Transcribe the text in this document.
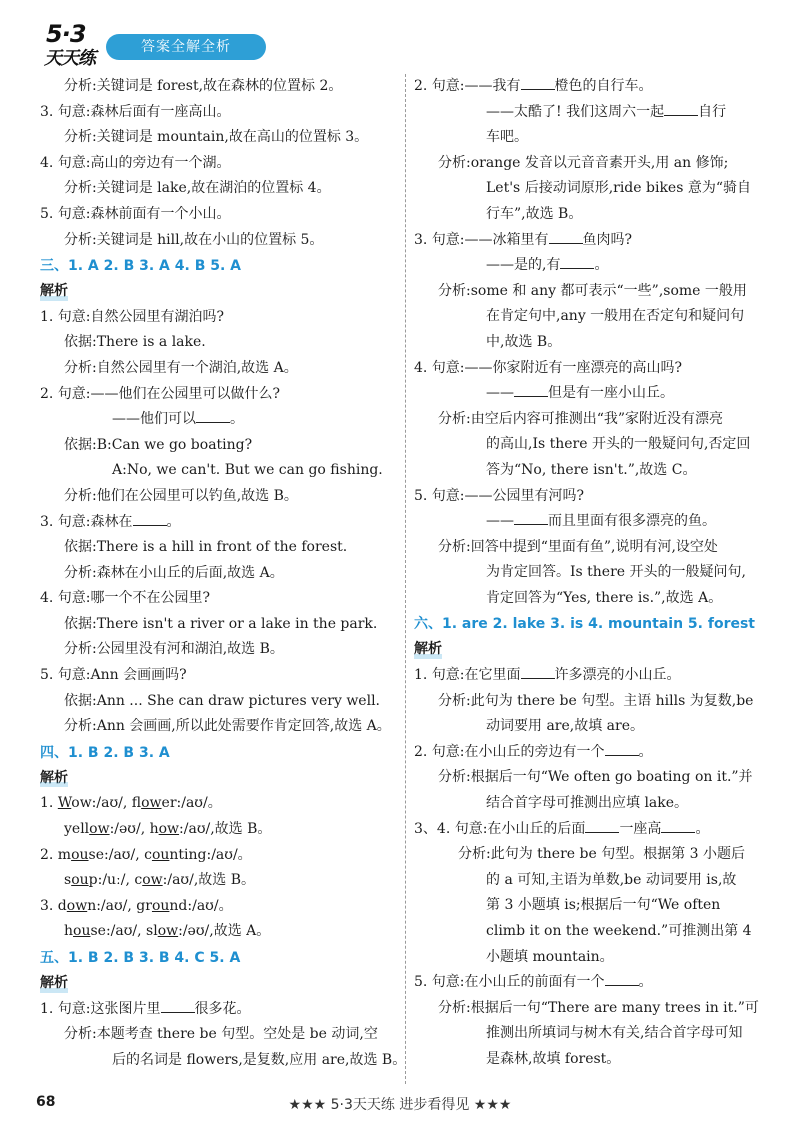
5·3
天天练
答案全解全析
分析:关键词是 forest,故在森林的位置标 2。
3. 句意:森林后面有一座高山。
分析:关键词是 mountain,故在高山的位置标 3。
4. 句意:高山的旁边有一个湖。
分析:关键词是 lake,故在湖泊的位置标 4。
5. 句意:森林前面有一个小山。
分析:关键词是 hill,故在小山的位置标 5。
三、1. A 2. B 3. A 4. B 5. A
解析
1. 句意:自然公园里有湖泊吗?
依据:There is a lake.
分析:自然公园里有一个湖泊,故选 A。
2. 句意:——他们在公园里可以做什么?
——他们可以 。
依据:B:Can we go boating?
A:No, we can't. But we can go fishing.
分析:他们在公园里可以钓鱼,故选 B。
3. 句意:森林在 。
依据:There is a hill in front of the forest.
分析:森林在小山丘的后面,故选 A。
4. 句意:哪一个不在公园里?
依据:There isn't a river or a lake in the park.
分析:公园里没有河和湖泊,故选 B。
5. 句意:Ann 会画画吗?
依据:Ann ... She can draw pictures very well.
分析:Ann 会画画,所以此处需要作肯定回答,故选 A。
四、1. B 2. B 3. A
解析
1. Wow:/aʊ/, flower:/aʊ/。
yellow:/əʊ/, how:/aʊ/,故选 B。
2. mouse:/aʊ/, counting:/aʊ/。
soup:/uː/, cow:/aʊ/,故选 B。
3. down:/aʊ/, ground:/aʊ/。
house:/aʊ/, slow:/əʊ/,故选 A。
五、1. B 2. B 3. B 4. C 5. A
解析
1. 句意:这张图片里 很多花。
分析:本题考查 there be 句型。空处是 be 动词,空
后的名词是 flowers,是复数,应用 are,故选 B。
2. 句意:——我有 橙色的自行车。
——太酷了! 我们这周六一起 自行
车吧。
分析:orange 发音以元音音素开头,用 an 修饰;
Let's 后接动词原形,ride bikes 意为“骑自
行车”,故选 B。
3. 句意:——冰箱里有 鱼肉吗?
——是的,有 。
分析:some 和 any 都可表示“一些”,some 一般用
在肯定句中,any 一般用在否定句和疑问句
中,故选 B。
4. 句意:——你家附近有一座漂亮的高山吗?
—— 但是有一座小山丘。
分析:由空后内容可推测出“我”家附近没有漂亮
的高山,Is there 开头的一般疑问句,否定回
答为“No, there isn't.”,故选 C。
5. 句意:——公园里有河吗?
—— 而且里面有很多漂亮的鱼。
分析:回答中提到“里面有鱼”,说明有河,设空处
为肯定回答。Is there 开头的一般疑问句,
肯定回答为“Yes, there is.”,故选 A。
六、1. are 2. lake 3. is 4. mountain 5. forest
解析
1. 句意:在它里面 许多漂亮的小山丘。
分析:此句为 there be 句型。主语 hills 为复数,be
动词要用 are,故填 are。
2. 句意:在小山丘的旁边有一个 。
分析:根据后一句“We often go boating on it.”并
结合首字母可推测出应填 lake。
3、4. 句意:在小山丘的后面 一座高 。
分析:此句为 there be 句型。根据第 3 小题后
的 a 可知,主语为单数,be 动词要用 is,故
第 3 小题填 is;根据后一句“We often
climb it on the weekend.”可推测出第 4
小题填 mountain。
5. 句意:在小山丘的前面有一个 。
分析:根据后一句“There are many trees in it.”可
推测出所填词与树木有关,结合首字母可知
是森林,故填 forest。
68	★★★ 5·3天天练 进步看得见 ★★★
